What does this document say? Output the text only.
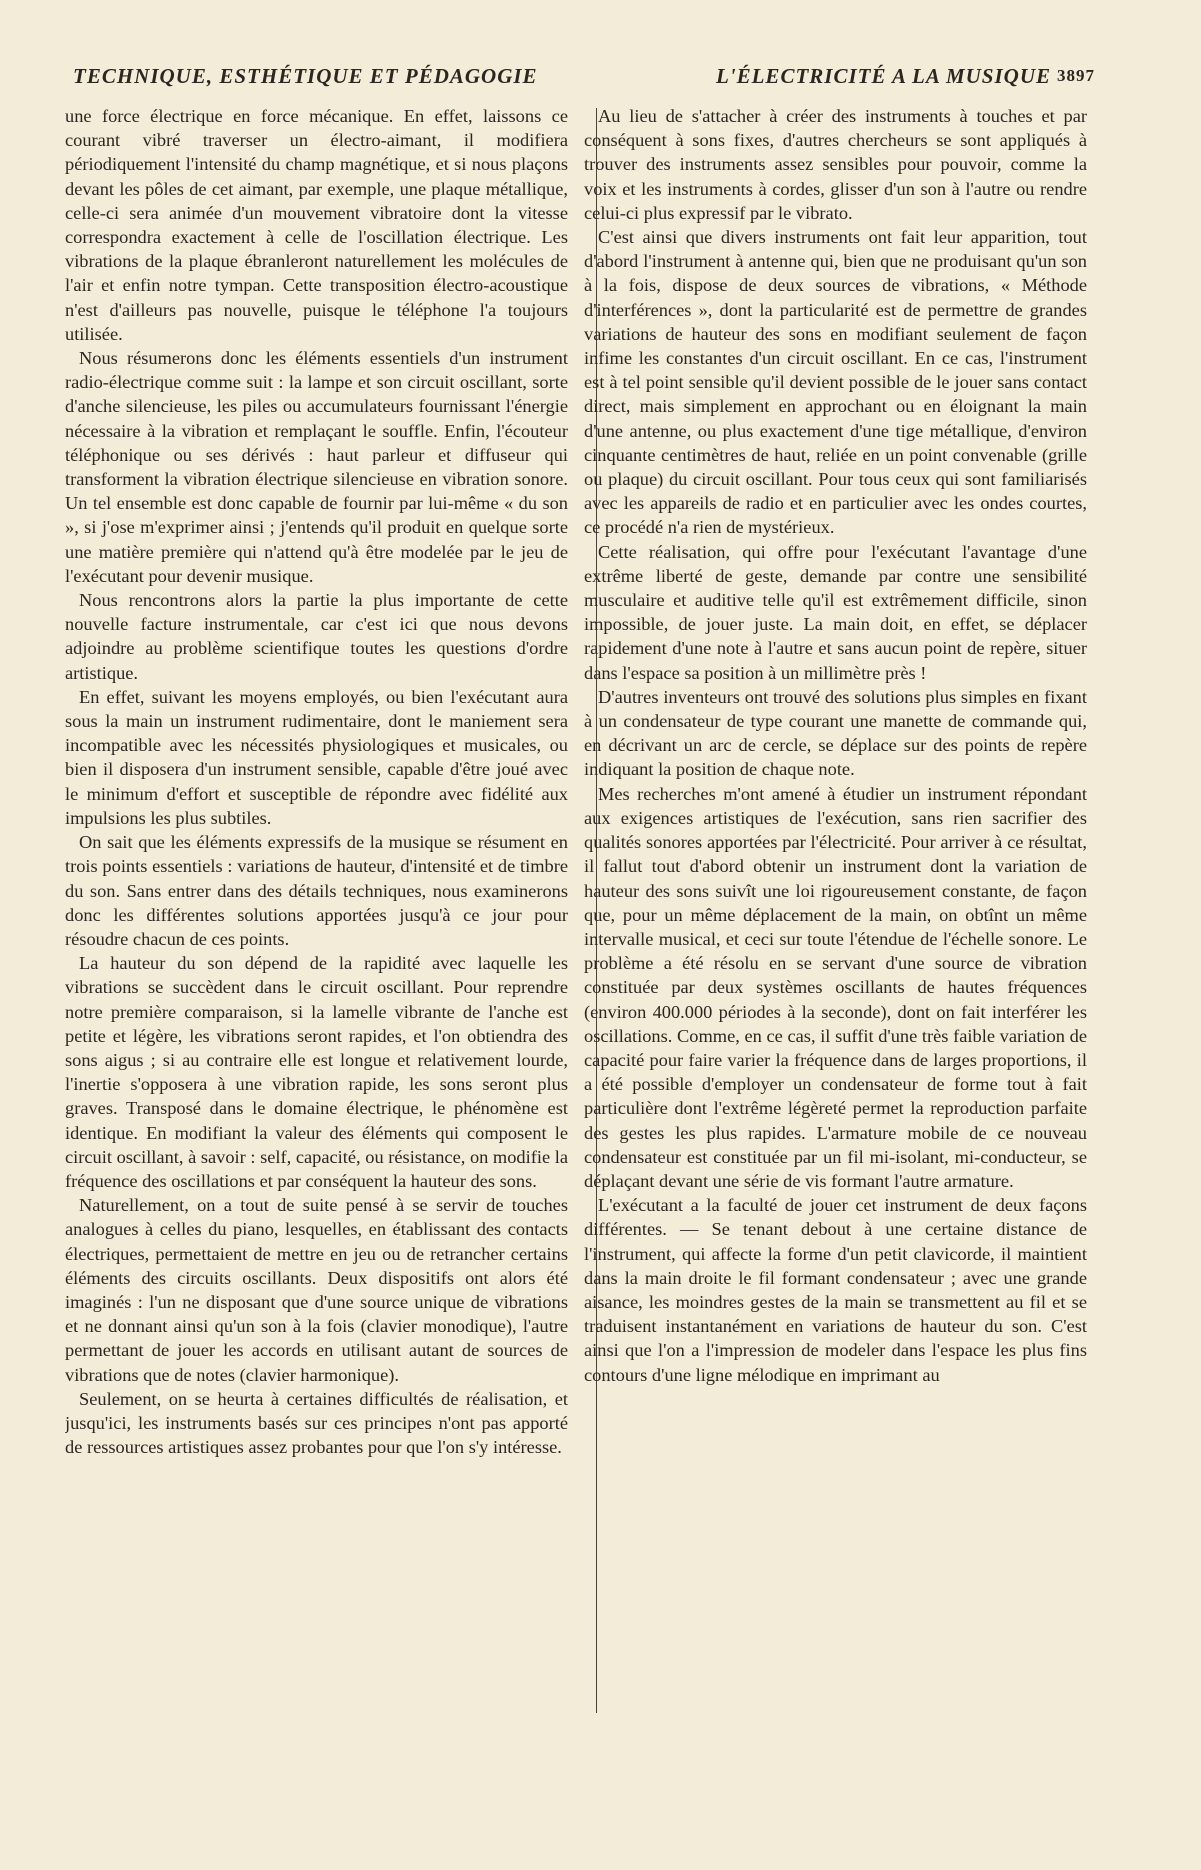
TECHNIQUE, ESTHÉTIQUE ET PÉDAGOGIE	L'ÉLECTRICITÉ A LA MUSIQUE 3897

une force électrique en force mécanique. En effet, laissons ce courant vibré traverser un électro-aimant, il modifiera périodiquement l'intensité du champ magnétique, et si nous plaçons devant les pôles de cet aimant, par exemple, une plaque métallique, celle-ci sera animée d'un mouvement vibratoire dont la vitesse correspondra exactement à celle de l'oscillation électrique. Les vibrations de la plaque ébranleront naturellement les molécules de l'air et enfin notre tympan. Cette transposition électro-acoustique n'est d'ailleurs pas nouvelle, puisque le téléphone l'a toujours utilisée.

Nous résumerons donc les éléments essentiels d'un instrument radio-électrique comme suit : la lampe et son circuit oscillant, sorte d'anche silencieuse, les piles ou accumulateurs fournissant l'énergie nécessaire à la vibration et remplaçant le souffle. Enfin, l'écouteur téléphonique ou ses dérivés : haut parleur et diffuseur qui transforment la vibration électrique silencieuse en vibration sonore. Un tel ensemble est donc capable de fournir par lui-même « du son », si j'ose m'exprimer ainsi ; j'entends qu'il produit en quelque sorte une matière première qui n'attend qu'à être modelée par le jeu de l'exécutant pour devenir musique.

Nous rencontrons alors la partie la plus importante de cette nouvelle facture instrumentale, car c'est ici que nous devons adjoindre au problème scientifique toutes les questions d'ordre artistique.

En effet, suivant les moyens employés, ou bien l'exécutant aura sous la main un instrument rudimentaire, dont le maniement sera incompatible avec les nécessités physiologiques et musicales, ou bien il disposera d'un instrument sensible, capable d'être joué avec le minimum d'effort et susceptible de répondre avec fidélité aux impulsions les plus subtiles.

On sait que les éléments expressifs de la musique se résument en trois points essentiels : variations de hauteur, d'intensité et de timbre du son. Sans entrer dans des détails techniques, nous examinerons donc les différentes solutions apportées jusqu'à ce jour pour résoudre chacun de ces points.

La hauteur du son dépend de la rapidité avec laquelle les vibrations se succèdent dans le circuit oscillant. Pour reprendre notre première comparaison, si la lamelle vibrante de l'anche est petite et légère, les vibrations seront rapides, et l'on obtiendra des sons aigus ; si au contraire elle est longue et relativement lourde, l'inertie s'opposera à une vibration rapide, les sons seront plus graves. Transposé dans le domaine électrique, le phénomène est identique. En modifiant la valeur des éléments qui composent le circuit oscillant, à savoir : self, capacité, ou résistance, on modifie la fréquence des oscillations et par conséquent la hauteur des sons.

Naturellement, on a tout de suite pensé à se servir de touches analogues à celles du piano, lesquelles, en établissant des contacts électriques, permettaient de mettre en jeu ou de retrancher certains éléments des circuits oscillants. Deux dispositifs ont alors été imaginés : l'un ne disposant que d'une source unique de vibrations et ne donnant ainsi qu'un son à la fois (clavier monodique), l'autre permettant de jouer les accords en utilisant autant de sources de vibrations que de notes (clavier harmonique).

Seulement, on se heurta à certaines difficultés de réalisation, et jusqu'ici, les instruments basés sur ces principes n'ont pas apporté de ressources artistiques assez probantes pour que l'on s'y intéresse.

Au lieu de s'attacher à créer des instruments à touches et par conséquent à sons fixes, d'autres chercheurs se sont appliqués à trouver des instruments assez sensibles pour pouvoir, comme la voix et les instruments à cordes, glisser d'un son à l'autre ou rendre celui-ci plus expressif par le vibrato.

C'est ainsi que divers instruments ont fait leur apparition, tout d'abord l'instrument à antenne qui, bien que ne produisant qu'un son à la fois, dispose de deux sources de vibrations, « Méthode d'interférences », dont la particularité est de permettre de grandes variations de hauteur des sons en modifiant seulement de façon infime les constantes d'un circuit oscillant. En ce cas, l'instrument est à tel point sensible qu'il devient possible de le jouer sans contact direct, mais simplement en approchant ou en éloignant la main d'une antenne, ou plus exactement d'une tige métallique, d'environ cinquante centimètres de haut, reliée en un point convenable (grille ou plaque) du circuit oscillant. Pour tous ceux qui sont familiarisés avec les appareils de radio et en particulier avec les ondes courtes, ce procédé n'a rien de mystérieux.

Cette réalisation, qui offre pour l'exécutant l'avantage d'une extrême liberté de geste, demande par contre une sensibilité musculaire et auditive telle qu'il est extrêmement difficile, sinon impossible, de jouer juste. La main doit, en effet, se déplacer rapidement d'une note à l'autre et sans aucun point de repère, situer dans l'espace sa position à un millimètre près !

D'autres inventeurs ont trouvé des solutions plus simples en fixant à un condensateur de type courant une manette de commande qui, en décrivant un arc de cercle, se déplace sur des points de repère indiquant la position de chaque note.

Mes recherches m'ont amené à étudier un instrument répondant aux exigences artistiques de l'exécution, sans rien sacrifier des qualités sonores apportées par l'électricité. Pour arriver à ce résultat, il fallut tout d'abord obtenir un instrument dont la variation de hauteur des sons suivît une loi rigoureusement constante, de façon que, pour un même déplacement de la main, on obtînt un même intervalle musical, et ceci sur toute l'étendue de l'échelle sonore. Le problème a été résolu en se servant d'une source de vibration constituée par deux systèmes oscillants de hautes fréquences (environ 400.000 périodes à la seconde), dont on fait interférer les oscillations. Comme, en ce cas, il suffit d'une très faible variation de capacité pour faire varier la fréquence dans de larges proportions, il a été possible d'employer un condensateur de forme tout à fait particulière dont l'extrême légèreté permet la reproduction parfaite des gestes les plus rapides. L'armature mobile de ce nouveau condensateur est constituée par un fil mi-isolant, mi-conducteur, se déplaçant devant une série de vis formant l'autre armature.

L'exécutant a la faculté de jouer cet instrument de deux façons différentes. — Se tenant debout à une certaine distance de l'instrument, qui affecte la forme d'un petit clavicorde, il maintient dans la main droite le fil formant condensateur ; avec une grande aisance, les moindres gestes de la main se transmettent au fil et se traduisent instantanément en variations de hauteur du son. C'est ainsi que l'on a l'impression de modeler dans l'espace les plus fins contours d'une ligne mélodique en imprimant au
